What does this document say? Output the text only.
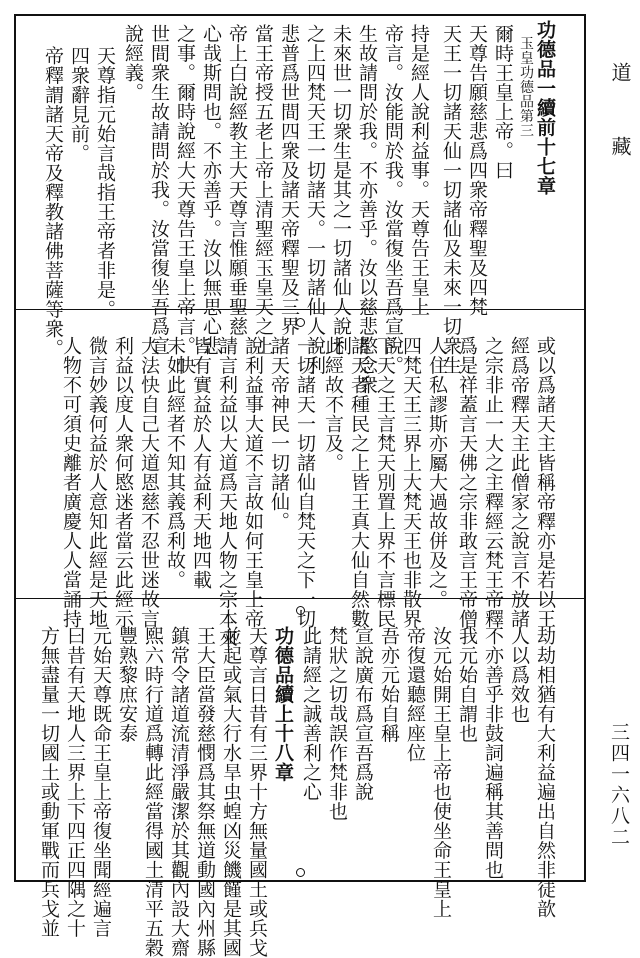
功德品一續前十七章
玉皇功德品第三
爾時王皇上帝。曰
天尊告願慈悲爲四衆帝釋聖及四梵
天王一切諸天仙一切諸仙及未來一切衆生
持是經人說利益事。天尊告王皇上
帝言。汝能問於我。汝當復坐吾爲宣說。
生故請問於我。不亦善乎。汝以慈悲愍念衆
未來世一切衆生是其之一切諸仙人說利
之上四梵天王一切諸天。一切諸仙人說利
悲普爲世間四衆及諸天帝釋聖及三界
當王帝授五老上帝上清聖經玉皇天之上
帝上白說經教主大天尊言惟願垂聖慈
心哉斯問也。不亦善乎。汝以無思心悲
之事。爾時說經大天尊告王皇上帝言。快
世間衆生故請問於我。汝當復坐吾爲宣
說經義。
天尊指元始言哉指王帝者非是。
四衆辭見前。
帝釋謂諸天帝及釋教諸佛菩薩等衆。
或以爲諸天主皆稱帝釋亦是若以王
經爲帝釋天主此僧家之說言不放諸
之宗非止一大之主釋經云梵王帝釋
爲是祥蓋言天佛之宗非敢言王帝僧
人住私謬斯亦屬大過故併及之。
四梵天王三界上大梵天王也非散界
下天之王言梵天別置上界不言標民
諸天者種民之上皆王真大仙自然數
此經故不言及。
一切諸天一切諸仙自梵天之下一切
諸天帝神民一切諸仙。
說利益事大道不言故如何王皇上帝
請言利益以大道爲天地人物之宗本來
皆有實益於人有益利天地四載
未如此經者不知其義爲利故。
大法快自己大道恩慈不忍世迷故言
利益以度人衆何愍迷者當云此經示
微言妙義何益於人意知此經是天地
人物不可須史離者廣慶人人當誦持
劫劫相猶有大利益遍出自然非徒歆
人以爲效也
不亦善乎非鼓詞遍稱其善問也
我元始自謂也
汝元始開王皇上帝也使坐命王皇上
帝復還聽經座位
吾亦元始自稱
宣說廣布爲宣吾爲說
梵狀之切哉誤作梵非也
此請經之誠善利之心
功德品續上十八章
天尊言日昔有三界十方無量國土或兵戈
並起或氣大行水旱虫蝗凶災饑饉是其國
王大臣當發慈憫爲其祭無道動國內州縣
鎮常令諸道流清淨嚴潔於其觀內設大齋
熙六時行道爲轉此經當得國土清平五穀
豐熟黎庶安泰
元始天尊既命王皇上帝復坐聞經遍言
曰昔有天地人三界上下四正四隅之十
方無盡量一切國土或動軍戰而兵戈並
道
藏
三四一六八二
